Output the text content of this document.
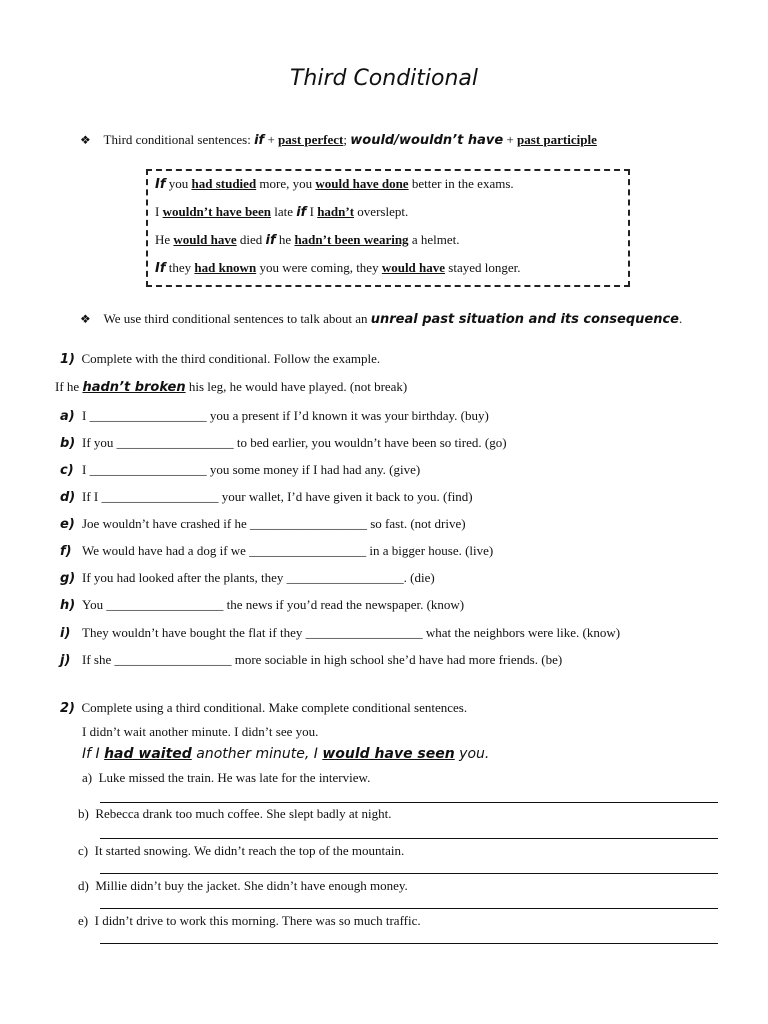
Third Conditional
❖ Third conditional sentences: if + past perfect; would/wouldn’t have + past participle
If you had studied more, you would have done better in the exams.
I wouldn’t have been late if I hadn’t overslept.
He would have died if he hadn’t been wearing a helmet.
If they had known you were coming, they would have stayed longer.
❖ We use third conditional sentences to talk about an unreal past situation and its consequence.
1) Complete with the third conditional. Follow the example.
If he hadn’t broken his leg, he would have played. (not break)
a) I __________________ you a present if I’d known it was your birthday. (buy)
b) If you __________________ to bed earlier, you wouldn’t have been so tired. (go)
c) I __________________ you some money if I had had any. (give)
d) If I __________________ your wallet, I’d have given it back to you. (find)
e) Joe wouldn’t have crashed if he __________________ so fast. (not drive)
f) We would have had a dog if we __________________ in a bigger house. (live)
g) If you had looked after the plants, they __________________. (die)
h) You __________________ the news if you’d read the newspaper. (know)
i) They wouldn’t have bought the flat if they __________________ what the neighbors were like. (know)
j) If she __________________ more sociable in high school she’d have had more friends. (be)
2) Complete using a third conditional. Make complete conditional sentences.
I didn’t wait another minute. I didn’t see you.
If I had waited another minute, I would have seen you.
a) Luke missed the train. He was late for the interview.
b) Rebecca drank too much coffee. She slept badly at night.
c) It started snowing. We didn’t reach the top of the mountain.
d) Millie didn’t buy the jacket. She didn’t have enough money.
e) I didn’t drive to work this morning. There was so much traffic.
